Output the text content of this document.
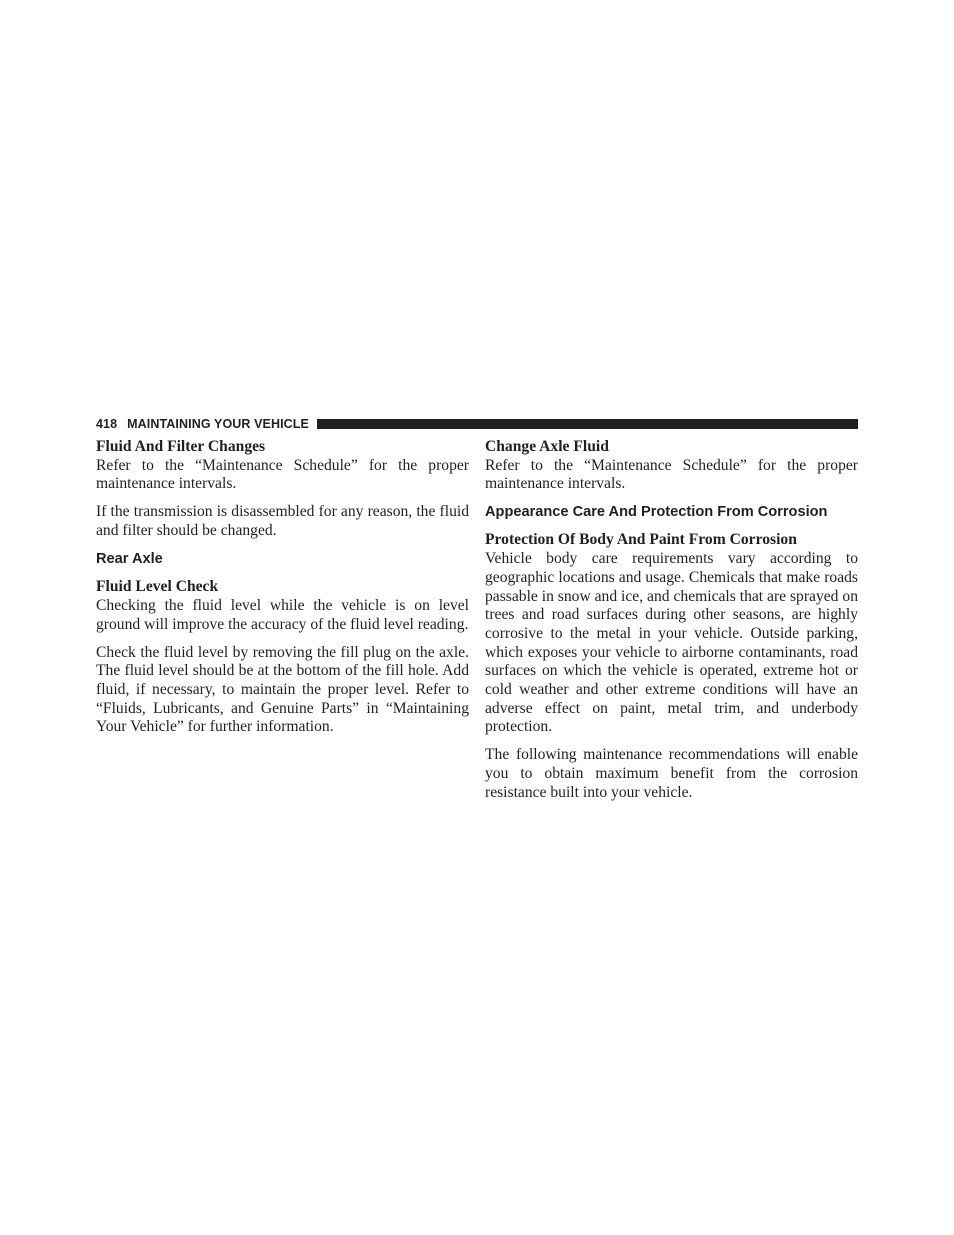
418 MAINTAINING YOUR VEHICLE
Fluid And Filter Changes

Refer to the “Maintenance Schedule” for the proper maintenance intervals.

If the transmission is disassembled for any reason, the fluid and filter should be changed.

Rear Axle
Fluid Level Check

Checking the fluid level while the vehicle is on level ground will improve the accuracy of the fluid level reading.

Check the fluid level by removing the fill plug on the axle. The fluid level should be at the bottom of the fill hole. Add fluid, if necessary, to maintain the proper level. Refer to “Fluids, Lubricants, and Genuine Parts” in “Maintaining Your Vehicle” for further information.

Change Axle Fluid

Refer to the “Maintenance Schedule” for the proper maintenance intervals.

Appearance Care And Protection From Corrosion
Protection Of Body And Paint From Corrosion

Vehicle body care requirements vary according to geographic locations and usage. Chemicals that make roads passable in snow and ice, and chemicals that are sprayed on trees and road surfaces during other seasons, are highly corrosive to the metal in your vehicle. Outside parking, which exposes your vehicle to airborne contaminants, road surfaces on which the vehicle is operated, extreme hot or cold weather and other extreme conditions will have an adverse effect on paint, metal trim, and underbody protection.

The following maintenance recommendations will enable you to obtain maximum benefit from the corrosion resistance built into your vehicle.
